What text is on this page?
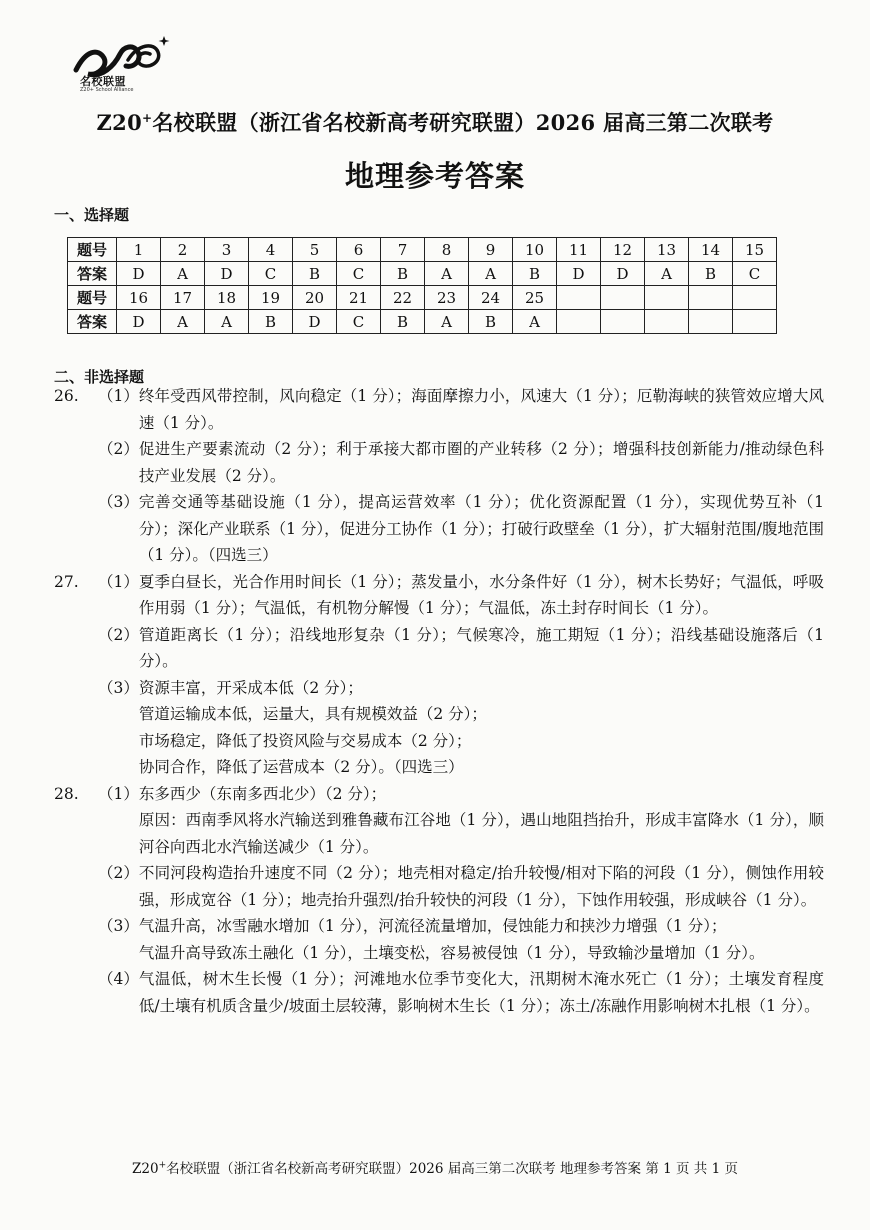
名校联盟
Z20+ School Alliance
Z20+名校联盟（浙江省名校新高考研究联盟）2026 届高三第二次联考
地理参考答案
一、选择题
题号	1	2	3	4	5	6	7	8	9	10	11	12	13	14	15
答案	D	A	D	C	B	C	B	A	A	B	D	D	A	B	C
题号	16	17	18	19	20	21	22	23	24	25					
答案	D	A	A	B	D	C	B	A	B	A					
二、非选择题
26. （1） 终年受西风带控制，风向稳定（1 分）；海面摩擦力小，风速大（1 分）；厄勒海峡的狭管效应增大风速（1 分）。
（2） 促进生产要素流动（2 分）；利于承接大都市圈的产业转移（2 分）；增强科技创新能力/推动绿色科技产业发展（2 分）。
（3） 完善交通等基础设施（1 分），提高运营效率（1 分）；优化资源配置（1 分），实现优势互补（1 分）；深化产业联系（1 分），促进分工协作（1 分）；打破行政壁垒（1 分），扩大辐射范围/腹地范围（1 分）。（四选三）
27. （1） 夏季白昼长，光合作用时间长（1 分）；蒸发量小，水分条件好（1 分），树木长势好；气温低，呼吸作用弱（1 分）；气温低，有机物分解慢（1 分）；气温低，冻土封存时间长（1 分）。
（2） 管道距离长（1 分）；沿线地形复杂（1 分）；气候寒冷，施工期短（1 分）；沿线基础设施落后（1 分）。
（3） 资源丰富，开采成本低（2 分）；
管道运输成本低，运量大，具有规模效益（2 分）；
市场稳定，降低了投资风险与交易成本（2 分）；
协同合作，降低了运营成本（2 分）。（四选三）
28. （1） 东多西少（东南多西北少）（2 分）；
原因：西南季风将水汽输送到雅鲁藏布江谷地（1 分），遇山地阻挡抬升，形成丰富降水（1 分），顺河谷向西北水汽输送减少（1 分）。
（2） 不同河段构造抬升速度不同（2 分）；地壳相对稳定/抬升较慢/相对下陷的河段（1 分），侧蚀作用较强，形成宽谷（1 分）；地壳抬升强烈/抬升较快的河段（1 分），下蚀作用较强，形成峡谷（1 分）。
（3） 气温升高，冰雪融水增加（1 分），河流径流量增加，侵蚀能力和挟沙力增强（1 分）；
气温升高导致冻土融化（1 分），土壤变松，容易被侵蚀（1 分），导致输沙量增加（1 分）。
（4） 气温低，树木生长慢（1 分）；河滩地水位季节变化大，汛期树木淹水死亡（1 分）；土壤发育程度低/土壤有机质含量少/坡面土层较薄，影响树木生长（1 分）；冻土/冻融作用影响树木扎根（1 分）。
Z20+名校联盟（浙江省名校新高考研究联盟）2026 届高三第二次联考 地理参考答案 第 1 页 共 1 页
